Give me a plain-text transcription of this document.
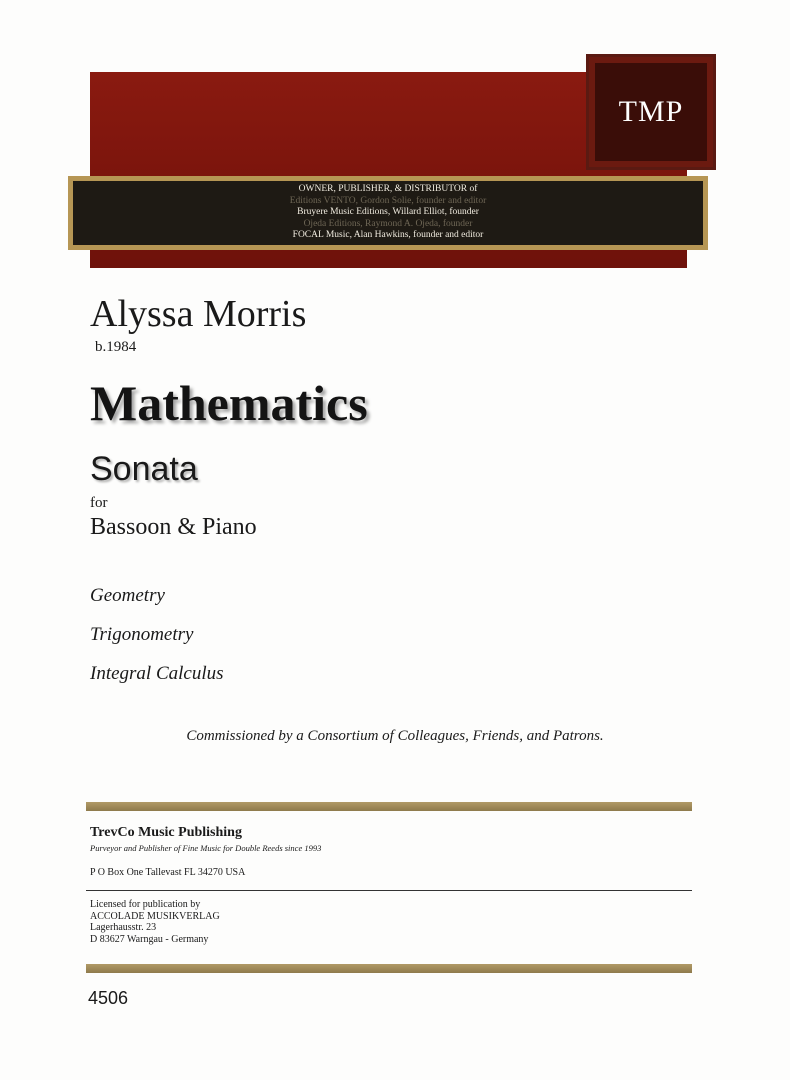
TMP
OWNER, PUBLISHER, & DISTRIBUTOR of
Editions VENTO, Gordon Solie, founder and editor
Bruyere Music Editions, Willard Elliot, founder
Ojeda Editions, Raymond A. Ojeda, founder
FOCAL Music, Alan Hawkins, founder and editor
Alyssa Morris
b.1984
Mathematics
Sonata
for
Bassoon & Piano
Geometry
Trigonometry
Integral Calculus
Commissioned by a Consortium of Colleagues, Friends, and Patrons.
TrevCo Music Publishing
Purveyor and Publisher of Fine Music for Double Reeds since 1993
P O Box One Tallevast FL 34270 USA
Licensed for publication by
ACCOLADE MUSIKVERLAG
Lagerhausstr. 23
D 83627 Warngau - Germany
4506
